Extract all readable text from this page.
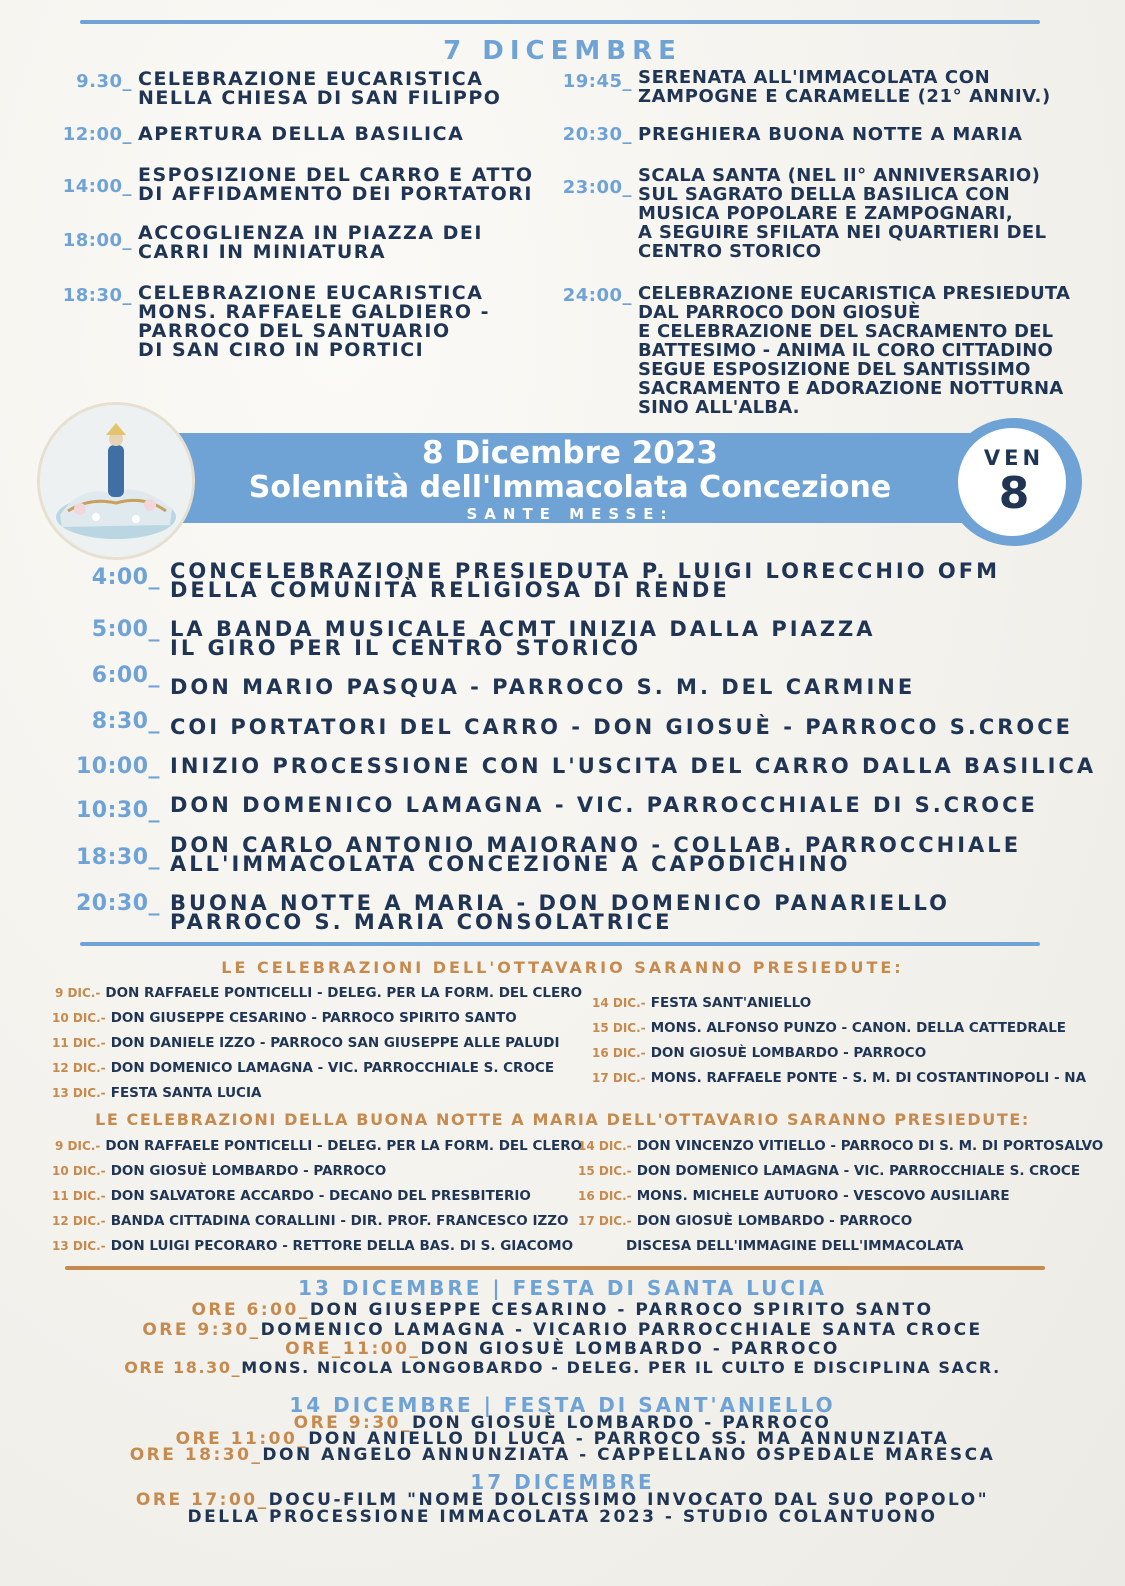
7 DICEMBRE
9.30_ CELEBRAZIONE EUCARISTICA
NELLA CHIESA DI SAN FILIPPO
12:00_ APERTURA DELLA BASILICA
14:00_
ESPOSIZIONE DEL CARRO E ATTO
DI AFFIDAMENTO DEI PORTATORI
18:00_ ACCOGLIENZA IN PIAZZA DEI
CARRI IN MINIATURA
18:30_ CELEBRAZIONE EUCARISTICA
MONS. RAFFAELE GALDIERO -
PARROCO DEL SANTUARIO
DI SAN CIRO IN PORTICI
19:45_ SERENATA ALL'IMMACOLATA CON
ZAMPOGNE E CARAMELLE (21° ANNIV.)
20:30_ PREGHIERA BUONA NOTTE A MARIA
23:00_
SCALA SANTA (NEL II° ANNIVERSARIO)
SUL SAGRATO DELLA BASILICA CON
MUSICA POPOLARE E ZAMPOGNARI,
A SEGUIRE SFILATA NEI QUARTIERI DEL
CENTRO STORICO
24:00_ CELEBRAZIONE EUCARISTICA PRESIEDUTA
DAL PARROCO DON GIOSUÈ
E CELEBRAZIONE DEL SACRAMENTO DEL
BATTESIMO - ANIMA IL CORO CITTADINO
SEGUE ESPOSIZIONE DEL SANTISSIMO
SACRAMENTO E ADORAZIONE NOTTURNA
SINO ALL'ALBA.
8 Dicembre 2023
Solennità dell'Immacolata Concezione
SANTE MESSE:
VEN
8
4:00_ CONCELEBRAZIONE PRESIEDUTA P. LUIGI LORECCHIO OFM
DELLA COMUNITÀ RELIGIOSA DI RENDE
5:00_ LA BANDA MUSICALE ACMT INIZIA DALLA PIAZZA
IL GIRO PER IL CENTRO STORICO
6:00_ DON MARIO PASQUA - PARROCO S. M. DEL CARMINE
8:30_ COI PORTATORI DEL CARRO - DON GIOSUÈ - PARROCO S.CROCE
10:00_ INIZIO PROCESSIONE CON L'USCITA DEL CARRO DALLA BASILICA
10:30_ DON DOMENICO LAMAGNA - VIC. PARROCCHIALE DI S.CROCE
18:30_ DON CARLO ANTONIO MAIORANO - COLLAB. PARROCCHIALE
ALL'IMMACOLATA CONCEZIONE A CAPODICHINO
20:30_ BUONA NOTTE A MARIA - DON DOMENICO PANARIELLO
PARROCO S. MARIA CONSOLATRICE
LE CELEBRAZIONI DELL'OTTAVARIO SARANNO PRESIEDUTE:
9 DIC.- DON RAFFAELE PONTICELLI - DELEG. PER LA FORM. DEL CLERO
10 DIC.- DON GIUSEPPE CESARINO - PARROCO SPIRITO SANTO
11 DIC.- DON DANIELE IZZO - PARROCO SAN GIUSEPPE ALLE PALUDI
12 DIC.- DON DOMENICO LAMAGNA - VIC. PARROCCHIALE S. CROCE
13 DIC.- FESTA SANTA LUCIA
14 DIC.- FESTA SANT'ANIELLO
15 DIC.- MONS. ALFONSO PUNZO - CANON. DELLA CATTEDRALE
16 DIC.- DON GIOSUÈ LOMBARDO - PARROCO
17 DIC.- MONS. RAFFAELE PONTE - S. M. DI COSTANTINOPOLI - NA
LE CELEBRAZIONI DELLA BUONA NOTTE A MARIA DELL'OTTAVARIO SARANNO PRESIEDUTE:
9 DIC.- DON RAFFAELE PONTICELLI - DELEG. PER LA FORM. DEL CLERO
10 DIC.- DON GIOSUÈ LOMBARDO - PARROCO
11 DIC.- DON SALVATORE ACCARDO - DECANO DEL PRESBITERIO
12 DIC.- BANDA CITTADINA CORALLINI - DIR. PROF. FRANCESCO IZZO
13 DIC.- DON LUIGI PECORARO - RETTORE DELLA BAS. DI S. GIACOMO
14 DIC.- DON VINCENZO VITIELLO - PARROCO DI S. M. DI PORTOSALVO
15 DIC.- DON DOMENICO LAMAGNA - VIC. PARROCCHIALE S. CROCE
16 DIC.- MONS. MICHELE AUTUORO - VESCOVO AUSILIARE
17 DIC.- DON GIOSUÈ LOMBARDO - PARROCO
DISCESA DELL'IMMAGINE DELL'IMMACOLATA
13 DICEMBRE | FESTA DI SANTA LUCIA
ORE 6:00_DON GIUSEPPE CESARINO - PARROCO SPIRITO SANTO
ORE 9:30_DOMENICO LAMAGNA - VICARIO PARROCCHIALE SANTA CROCE
ORE_11:00_DON GIOSUÈ LOMBARDO - PARROCO
ORE 18.30_MONS. NICOLA LONGOBARDO - DELEG. PER IL CULTO E DISCIPLINA SACR.
14 DICEMBRE | FESTA DI SANT'ANIELLO
ORE 9:30_DON GIOSUÈ LOMBARDO - PARROCO
ORE 11:00_DON ANIELLO DI LUCA - PARROCO SS. MA ANNUNZIATA
ORE 18:30_DON ANGELO ANNUNZIATA - CAPPELLANO OSPEDALE MARESCA
17 DICEMBRE
ORE 17:00_DOCU-FILM "NOME DOLCISSIMO INVOCATO DAL SUO POPOLO"
DELLA PROCESSIONE IMMACOLATA 2023 - STUDIO COLANTUONO
